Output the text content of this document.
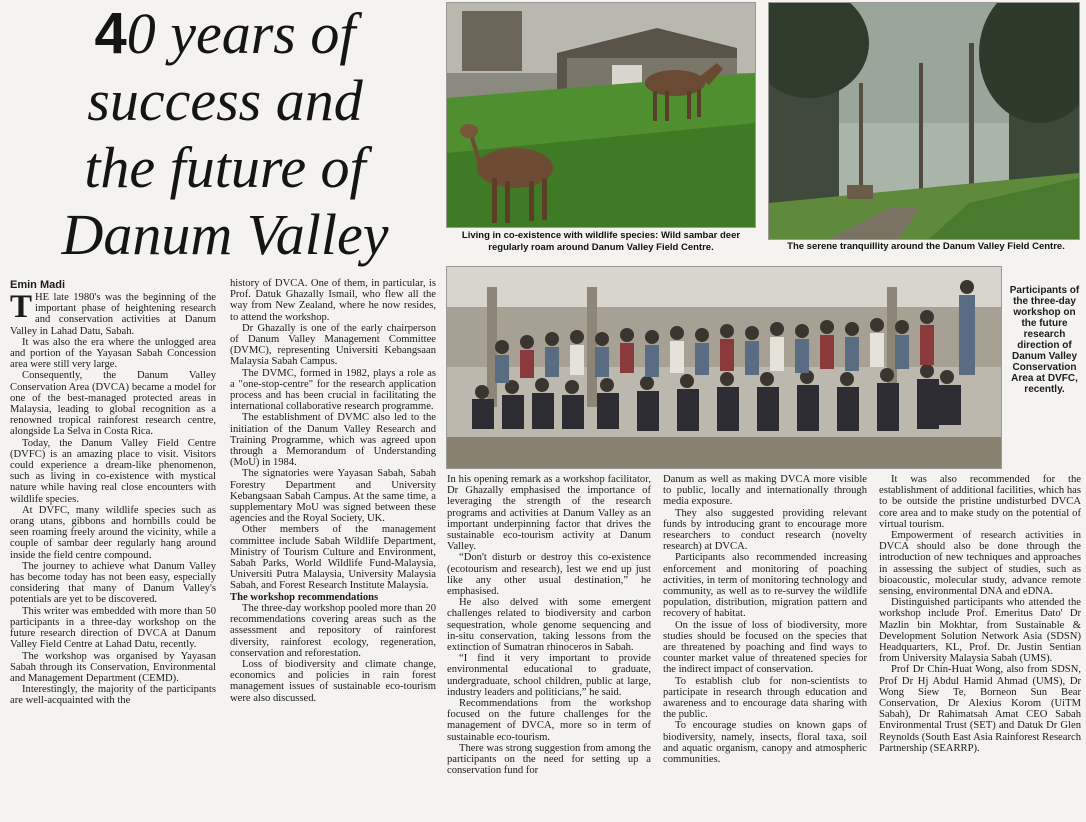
40 years of
success and
the future of
Danum Valley	Living in co-existence with wildlife species: Wild sambar deer regularly roam around Danum Valley Field Centre.	The serene tranquillity around the Danum Valley Field Centre.
Participants of the three-day workshop on the future research direction of Danum Valley Conservation Area at DVFC, recently.
Emin Madi

THE late 1980's was the beginning of the important phase of heightening research and conservation activities at Danum Valley in Lahad Datu, Sabah.

It was also the era where the unlogged area and portion of the Yayasan Sabah Concession area were still very large.

Consequently, the Danum Valley Conservation Area (DVCA) became a model for one of the best-managed protected areas in Malaysia, leading to global recognition as a renowned tropical rainforest research centre, alongside La Selva in Costa Rica.

Today, the Danum Valley Field Centre (DVFC) is an amazing place to visit. Visitors could experience a dream-like phenomenon, such as living in co-existence with mystical nature while having real close encounters with wildlife species.

At DVFC, many wildlife species such as orang utans, gibbons and hornbills could be seen roaming freely around the vicinity, while a couple of sambar deer regularly hang around inside the field centre compound.

The journey to achieve what Danum Valley has become today has not been easy, especially considering that many of Danum Valley's potentials are yet to be discovered.

This writer was embedded with more than 50 participants in a three-day workshop on the future research direction of DVCA at Danum Valley Field Centre at Lahad Datu, recently.

The workshop was organised by Yayasan Sabah through its Conservation, Environmental and Management Department (CEMD).

Interestingly, the majority of the participants are well-acquainted with the

history of DVCA. One of them, in particular, is Prof. Datuk Ghazally Ismail, who flew all the way from New Zealand, where he now resides, to attend the workshop.

Dr Ghazally is one of the early chairperson of Danum Valley Management Committee (DVMC), representing Universiti Kebangsaan Malaysia Sabah Campus.

The DVMC, formed in 1982, plays a role as a "one-stop-centre" for the research application process and has been crucial in facilitating the international collaborative research programme.

The establishment of DVMC also led to the initiation of the Danum Valley Research and Training Programme, which was agreed upon through a Memorandum of Understanding (MoU) in 1984.

The signatories were Yayasan Sabah, Sabah Forestry Department and University Kebangsaan Sabah Campus. At the same time, a supplementary MoU was signed between these agencies and the Royal Society, UK.

Other members of the management committee include Sabah Wildlife Department, Ministry of Tourism Culture and Environment, Sabah Parks, World Wildlife Fund-Malaysia, Universiti Putra Malaysia, University Malaysia Sabah, and Forest Research Institute Malaysia.

The workshop recommendations

The three-day workshop pooled more than 20 recommendations covering areas such as the assessment and repository of rainforest diversity, rainforest ecology, regeneration, conservation and reforestation.

Loss of biodiversity and climate change, economics and policies in rain forest management issues of sustainable eco-tourism were also discussed.

In his opening remark as a workshop facilitator, Dr Ghazally emphasised the importance of leveraging the strength of the research programs and activities at Danum Valley as an important underpinning factor that drives the sustainable eco-tourism activity at Danum Valley.

“Don't disturb or destroy this co-existence (ecotourism and research), lest we end up just like any other usual destination,” he emphasised.

He also delved with some emergent challenges related to biodiversity and carbon sequestration, whole genome sequencing and in-situ conservation, taking lessons from the extinction of Sumatran rhinoceros in Sabah.

“I find it very important to provide environmental educational to graduate, undergraduate, school children, public at large, industry leaders and politicians,” he said.

Recommendations from the workshop focused on the future challenges for the management of DVCA, more so in term of sustainable eco-tourism.

There was strong suggestion from among the participants on the need for setting up a conservation fund for

Danum as well as making DVCA more visible to public, locally and internationally through media exposure.

They also suggested providing relevant funds by introducing grant to encourage more researchers to conduct research (novelty research) at DVCA.

Participants also recommended increasing enforcement and monitoring of poaching activities, in term of monitoring technology and community, as well as to re-survey the wildlife population, distribution, migration pattern and recovery of habitat.

On the issue of loss of biodiversity, more studies should be focused on the species that are threatened by poaching and find ways to counter market value of threatened species for the indirect impact of conservation.

To establish club for non-scientists to participate in research through education and awareness and to encourage data sharing with the public.

To encourage studies on known gaps of biodiversity, namely, insects, floral taxa, soil and aquatic organism, canopy and atmospheric communities.

It was also recommended for the establishment of additional facilities, which has to be outside the pristine undisturbed DVCA core area and to make study on the potential of virtual tourism.

Empowerment of research activities in DVCA should also be done through the introduction of new techniques and approaches in assessing the subject of studies, such as bioacoustic, molecular study, advance remote sensing, environmental DNA and eDNA.

Distinguished participants who attended the workshop include Prof. Emeritus Dato' Dr Mazlin bin Mokhtar, from Sustainable & Development Solution Network Asia (SDSN) Headquarters, KL, Prof. Dr. Justin Sentian from University Malaysia Sabah (UMS).

Prof Dr Chin-Huat Wong, also from SDSN, Prof Dr Hj Abdul Hamid Ahmad (UMS), Dr Wong Siew Te, Borneon Sun Bear Conservation, Dr Alexius Korom (UiTM Sabah), Dr Rahimatsah Amat CEO Sabah Environmental Trust (SET) and Datuk Dr Glen Reynolds (South East Asia Rainforest Research Partnership (SEARRP).
